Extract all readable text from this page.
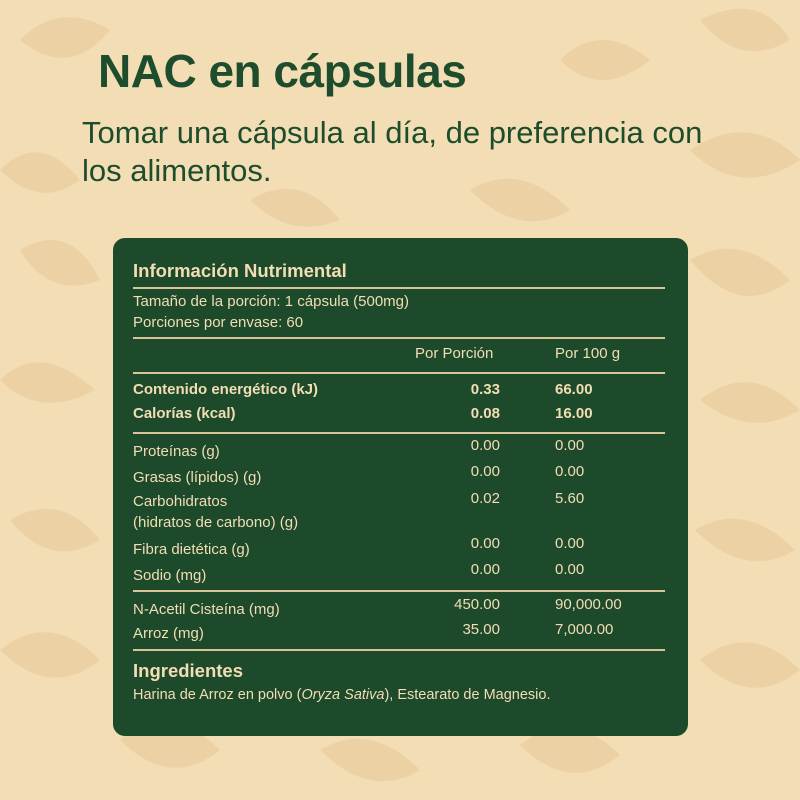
NAC en cápsulas

Tomar una cápsula al día, de preferencia con los alimentos.

Información Nutrimental
Tamaño de la porción: 1 cápsula (500mg)
Porciones por envase: 60
Por Porción	Por 100 g
Contenido energético (kJ)	0.33	66.00
Calorías (kcal)	0.08	16.00
Proteínas (g)	0.00	0.00
Grasas (lípidos) (g)	0.00	0.00
Carbohidratos
(hidratos de carbono) (g)
0.02	5.60
Fibra dietética (g)	0.00	0.00
Sodio (mg)	0.00	0.00
N-Acetil Cisteína (mg)	450.00	90,000.00
Arroz (mg)	35.00	7,000.00
Ingredientes
Harina de Arroz en polvo (Oryza Sativa), Estearato de Magnesio.
